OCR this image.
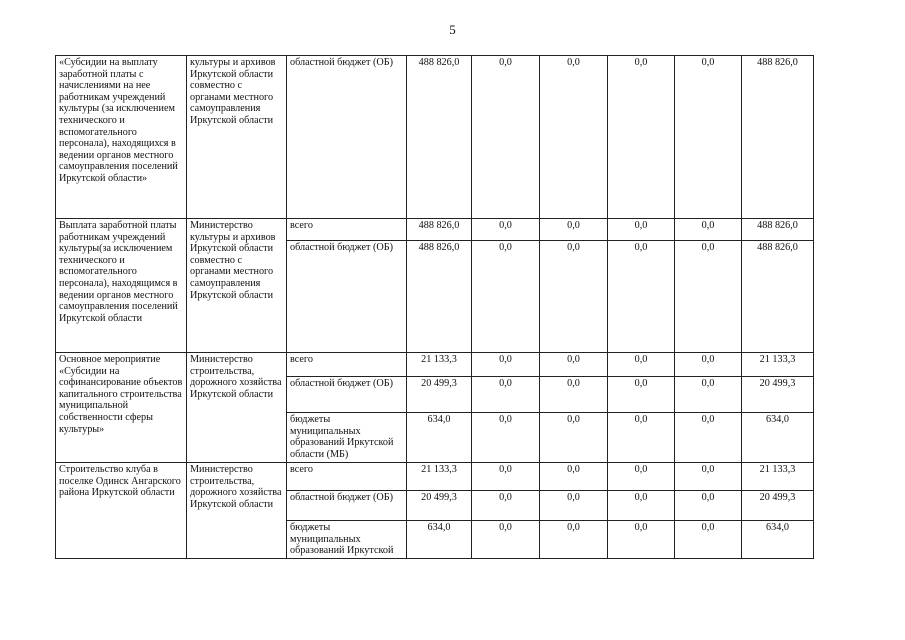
5
«Субсидии на выплату заработной платы с начислениями на нее работникам учреждений культуры (за исключением технического и вспомогательного персонала), находящихся в ведении органов местного самоуправления поселений Иркутской области»	культуры и архивов Иркутской области совместно с органами местного самоуправления Иркутской области	областной бюджет (ОБ)	488 826,0	0,0	0,0	0,0	0,0	488 826,0
Выплата заработной платы работникам учреждений культуры(за исключением технического и вспомогательного персонала), находящимся в ведении органов местного самоуправления поселений Иркутской области	Министерство культуры и архивов Иркутской области совместно с органами местного самоуправления Иркутской области	всего	488 826,0	0,0	0,0	0,0	0,0	488 826,0
		областной бюджет (ОБ)	488 826,0	0,0	0,0	0,0	0,0	488 826,0
Основное мероприятие «Субсидии на софинансирование объектов капитального строительства муниципальной собственности сферы культуры»	Министерство строительства, дорожного хозяйства Иркутской области	всего	21 133,3	0,0	0,0	0,0	0,0	21 133,3
		областной бюджет (ОБ)	20 499,3	0,0	0,0	0,0	0,0	20 499,3
		бюджеты муниципальных образований Иркутской области (МБ)	634,0	0,0	0,0	0,0	0,0	634,0
Строительство клуба в поселке Одинск Ангарского района Иркутской области	Министерство строительства, дорожного хозяйства Иркутской области	всего	21 133,3	0,0	0,0	0,0	0,0	21 133,3
		областной бюджет (ОБ)	20 499,3	0,0	0,0	0,0	0,0	20 499,3
		бюджеты муниципальных образований Иркутской	634,0	0,0	0,0	0,0	0,0	634,0
